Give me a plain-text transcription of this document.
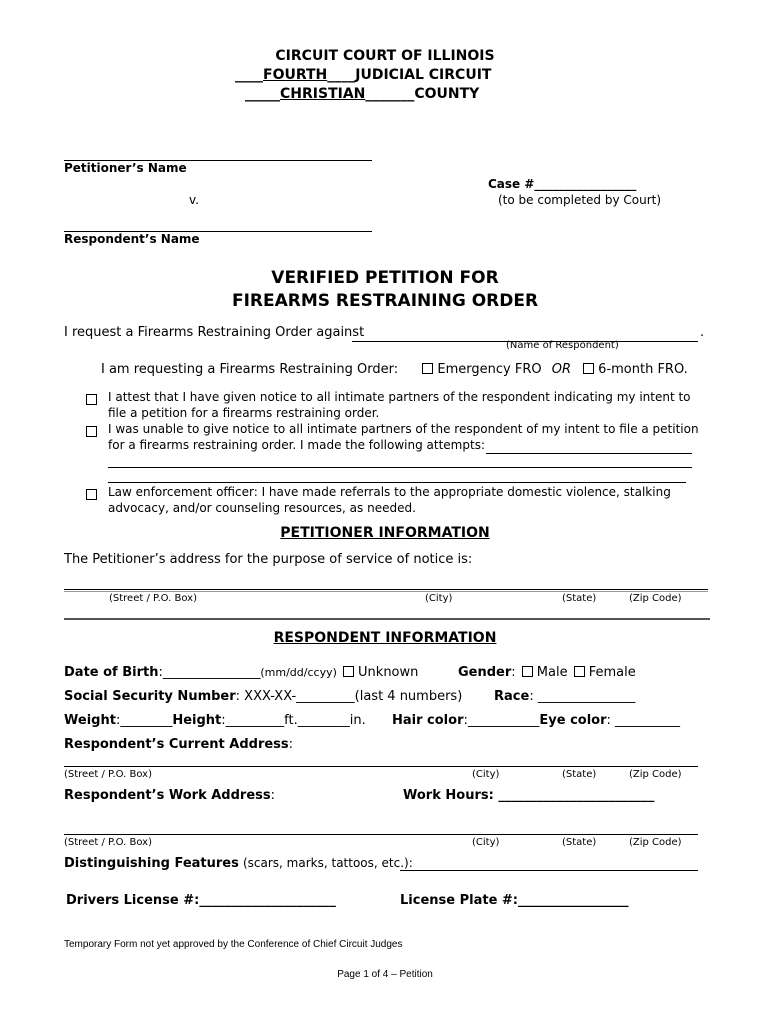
CIRCUIT COURT OF ILLINOIS
____FOURTH____JUDICIAL CIRCUIT
_____CHRISTIAN_______COUNTY
Petitioner’s Name
Case #_________________
v.	(to be completed by Court)
Respondent’s Name
VERIFIED PETITION FOR
FIREARMS RESTRAINING ORDER
I request a Firearms Restraining Order against	.
(Name of Respondent)
I am requesting a Firearms Restraining Order:	Emergency FRO OR 6-month FRO.
I attest that I have given notice to all intimate partners of the respondent indicating my intent to
file a petition for a firearms restraining order.
I was unable to give notice to all intimate partners of the respondent of my intent to file a petition
for a firearms restraining order. I made the following attempts:
Law enforcement officer: I have made referrals to the appropriate domestic violence, stalking
advocacy, and/or counseling resources, as needed.
PETITIONER INFORMATION
The Petitioner’s address for the purpose of service of notice is:
(Street / P.O. Box)	(City)	(State)	(Zip Code)
RESPONDENT INFORMATION
Date of Birth:_______________(mm/dd/ccyy) Unknown	Gender: Male Female
Social Security Number: XXX-XX-_________(last 4 numbers) Race: _______________
Weight:________Height:_________ft.________in. Hair color:___________Eye color: __________
Respondent’s Current Address:
(Street / P.O. Box)	(City)	(State)	(Zip Code)
Respondent’s Work Address:	Work Hours: ________________________
(Street / P.O. Box)	(City)	(State)	(Zip Code)
Distinguishing Features (scars, marks, tattoos, etc.):
Drivers License #:_____________________	License Plate #:_________________
Temporary Form not yet approved by the Conference of Chief Circuit Judges
Page 1 of 4 – Petition
